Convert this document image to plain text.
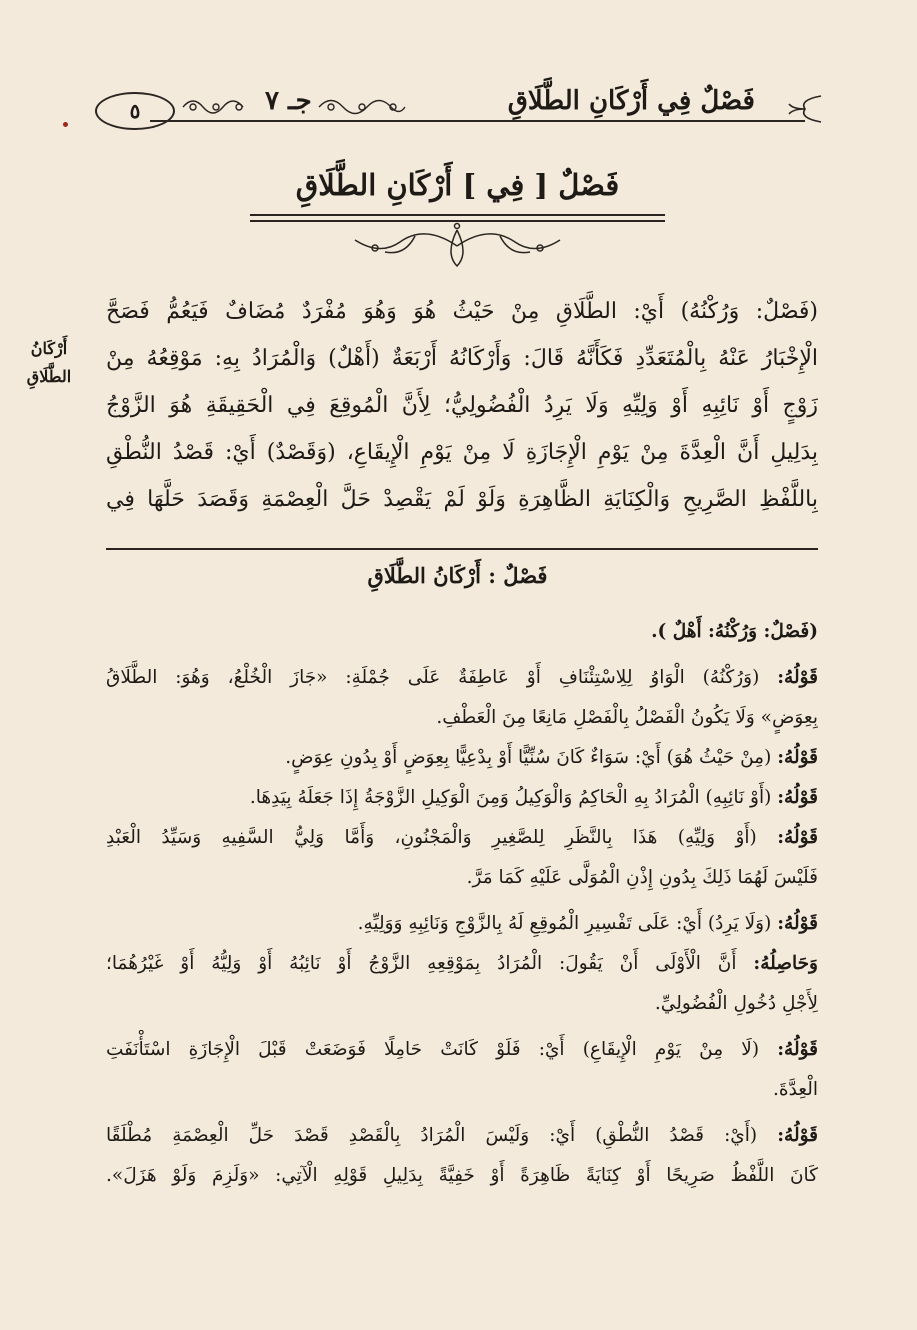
٥	جـ ٧	فَصْلٌ فِي أَرْكَانِ الطَّلَاقِ
فَصْلٌ [ فِي ] أَرْكَانِ الطَّلَاقِ
أَرْكَانُ
الطَّلَاقِ
(فَصْلٌ: وَرُكْنُهُ) أَيْ: الطَّلَاقِ مِنْ حَيْثُ هُوَ وَهُوَ مُفْرَدٌ مُضَافٌ فَيَعُمُّ فَصَحَّ
الْإِخْبَارُ عَنْهُ بِالْمُتَعَدِّدِ فَكَأَنَّهُ قَالَ: وَأَرْكَانُهُ أَرْبَعَةٌ (أَهْلٌ) وَالْمُرَادُ بِهِ: مَوْقِعُهُ مِنْ
زَوْجٍ أَوْ نَائِبِهِ أَوْ وَلِيِّهِ وَلَا يَرِدُ الْفُضُولِيُّ؛ لِأَنَّ الْمُوقِعَ فِي الْحَقِيقَةِ هُوَ الزَّوْجُ
بِدَلِيلِ أَنَّ الْعِدَّةَ مِنْ يَوْمِ الْإِجَازَةِ لَا مِنْ يَوْمِ الْإِيقَاعِ، (وَقَصْدٌ) أَيْ: قَصْدُ النُّطْقِ
بِاللَّفْظِ الصَّرِيحِ وَالْكِنَايَةِ الظَّاهِرَةِ وَلَوْ لَمْ يَقْصِدْ حَلَّ الْعِصْمَةِ وَقَصَدَ حَلَّهَا فِي
فَصْلٌ : أَرْكَانُ الطَّلَاقِ
(فَصْلٌ: وَرُكْنُهُ: أَهْلٌ ).
قَوْلُهُ: (وَرُكْنُهُ) الْوَاوُ لِلِاسْتِئْنَافِ أَوْ عَاطِفَةٌ عَلَى جُمْلَةِ: «جَازَ الْخُلْعُ، وَهُوَ: الطَّلَاقُ
بِعِوَضٍ» وَلَا يَكُونُ الْفَصْلُ بِالْفَصْلِ مَانِعًا مِنَ الْعَطْفِ.
قَوْلُهُ: (مِنْ حَيْثُ هُوَ) أَيْ: سَوَاءٌ كَانَ سُنِّيًّا أَوْ بِدْعِيًّا بِعِوَضٍ أَوْ بِدُونِ عِوَضٍ.
قَوْلُهُ: (أَوْ نَائِبِهِ) الْمُرَادُ بِهِ الْحَاكِمُ وَالْوَكِيلُ وَمِنَ الْوَكِيلِ الزَّوْجَةُ إِذَا جَعَلَهُ بِيَدِهَا.
قَوْلُهُ: (أَوْ وَلِيِّهِ) هَذَا بِالنَّظَرِ لِلصَّغِيرِ وَالْمَجْنُونِ، وَأَمَّا وَلِيُّ السَّفِيهِ وَسَيِّدُ الْعَبْدِ
فَلَيْسَ لَهُمَا ذَلِكَ بِدُونِ إِذْنِ الْمُوَلَّى عَلَيْهِ كَمَا مَرَّ.
قَوْلُهُ: (وَلَا يَرِدُ) أَيْ: عَلَى تَفْسِيرِ الْمُوقِعِ لَهُ بِالزَّوْجِ وَنَائِبِهِ وَوَلِيِّهِ.
وَحَاصِلُهُ: أَنَّ الْأَوْلَى أَنْ يَقُولَ: الْمُرَادُ بِمَوْقِعِهِ الزَّوْجُ أَوْ نَائِبُهُ أَوْ وَلِيُّهُ أَوْ غَيْرُهُمَا؛
لِأَجْلِ دُخُولِ الْفُضُولِيِّ.
قَوْلُهُ: (لَا مِنْ يَوْمِ الْإِيقَاعِ) أَيْ: فَلَوْ كَانَتْ حَامِلًا فَوَضَعَتْ قَبْلَ الْإِجَازَةِ اسْتَأْنَفَتِ
الْعِدَّةَ.
قَوْلُهُ: (أَيْ: قَصْدُ النُّطْقِ) أَيْ: وَلَيْسَ الْمُرَادُ بِالْقَصْدِ قَصْدَ حَلِّ الْعِصْمَةِ مُطْلَقًا
كَانَ اللَّفْظُ صَرِيحًا أَوْ كِنَايَةً ظَاهِرَةً أَوْ خَفِيَّةً بِدَلِيلِ قَوْلِهِ الْآتِي: «وَلَزِمَ وَلَوْ هَزَلَ».
